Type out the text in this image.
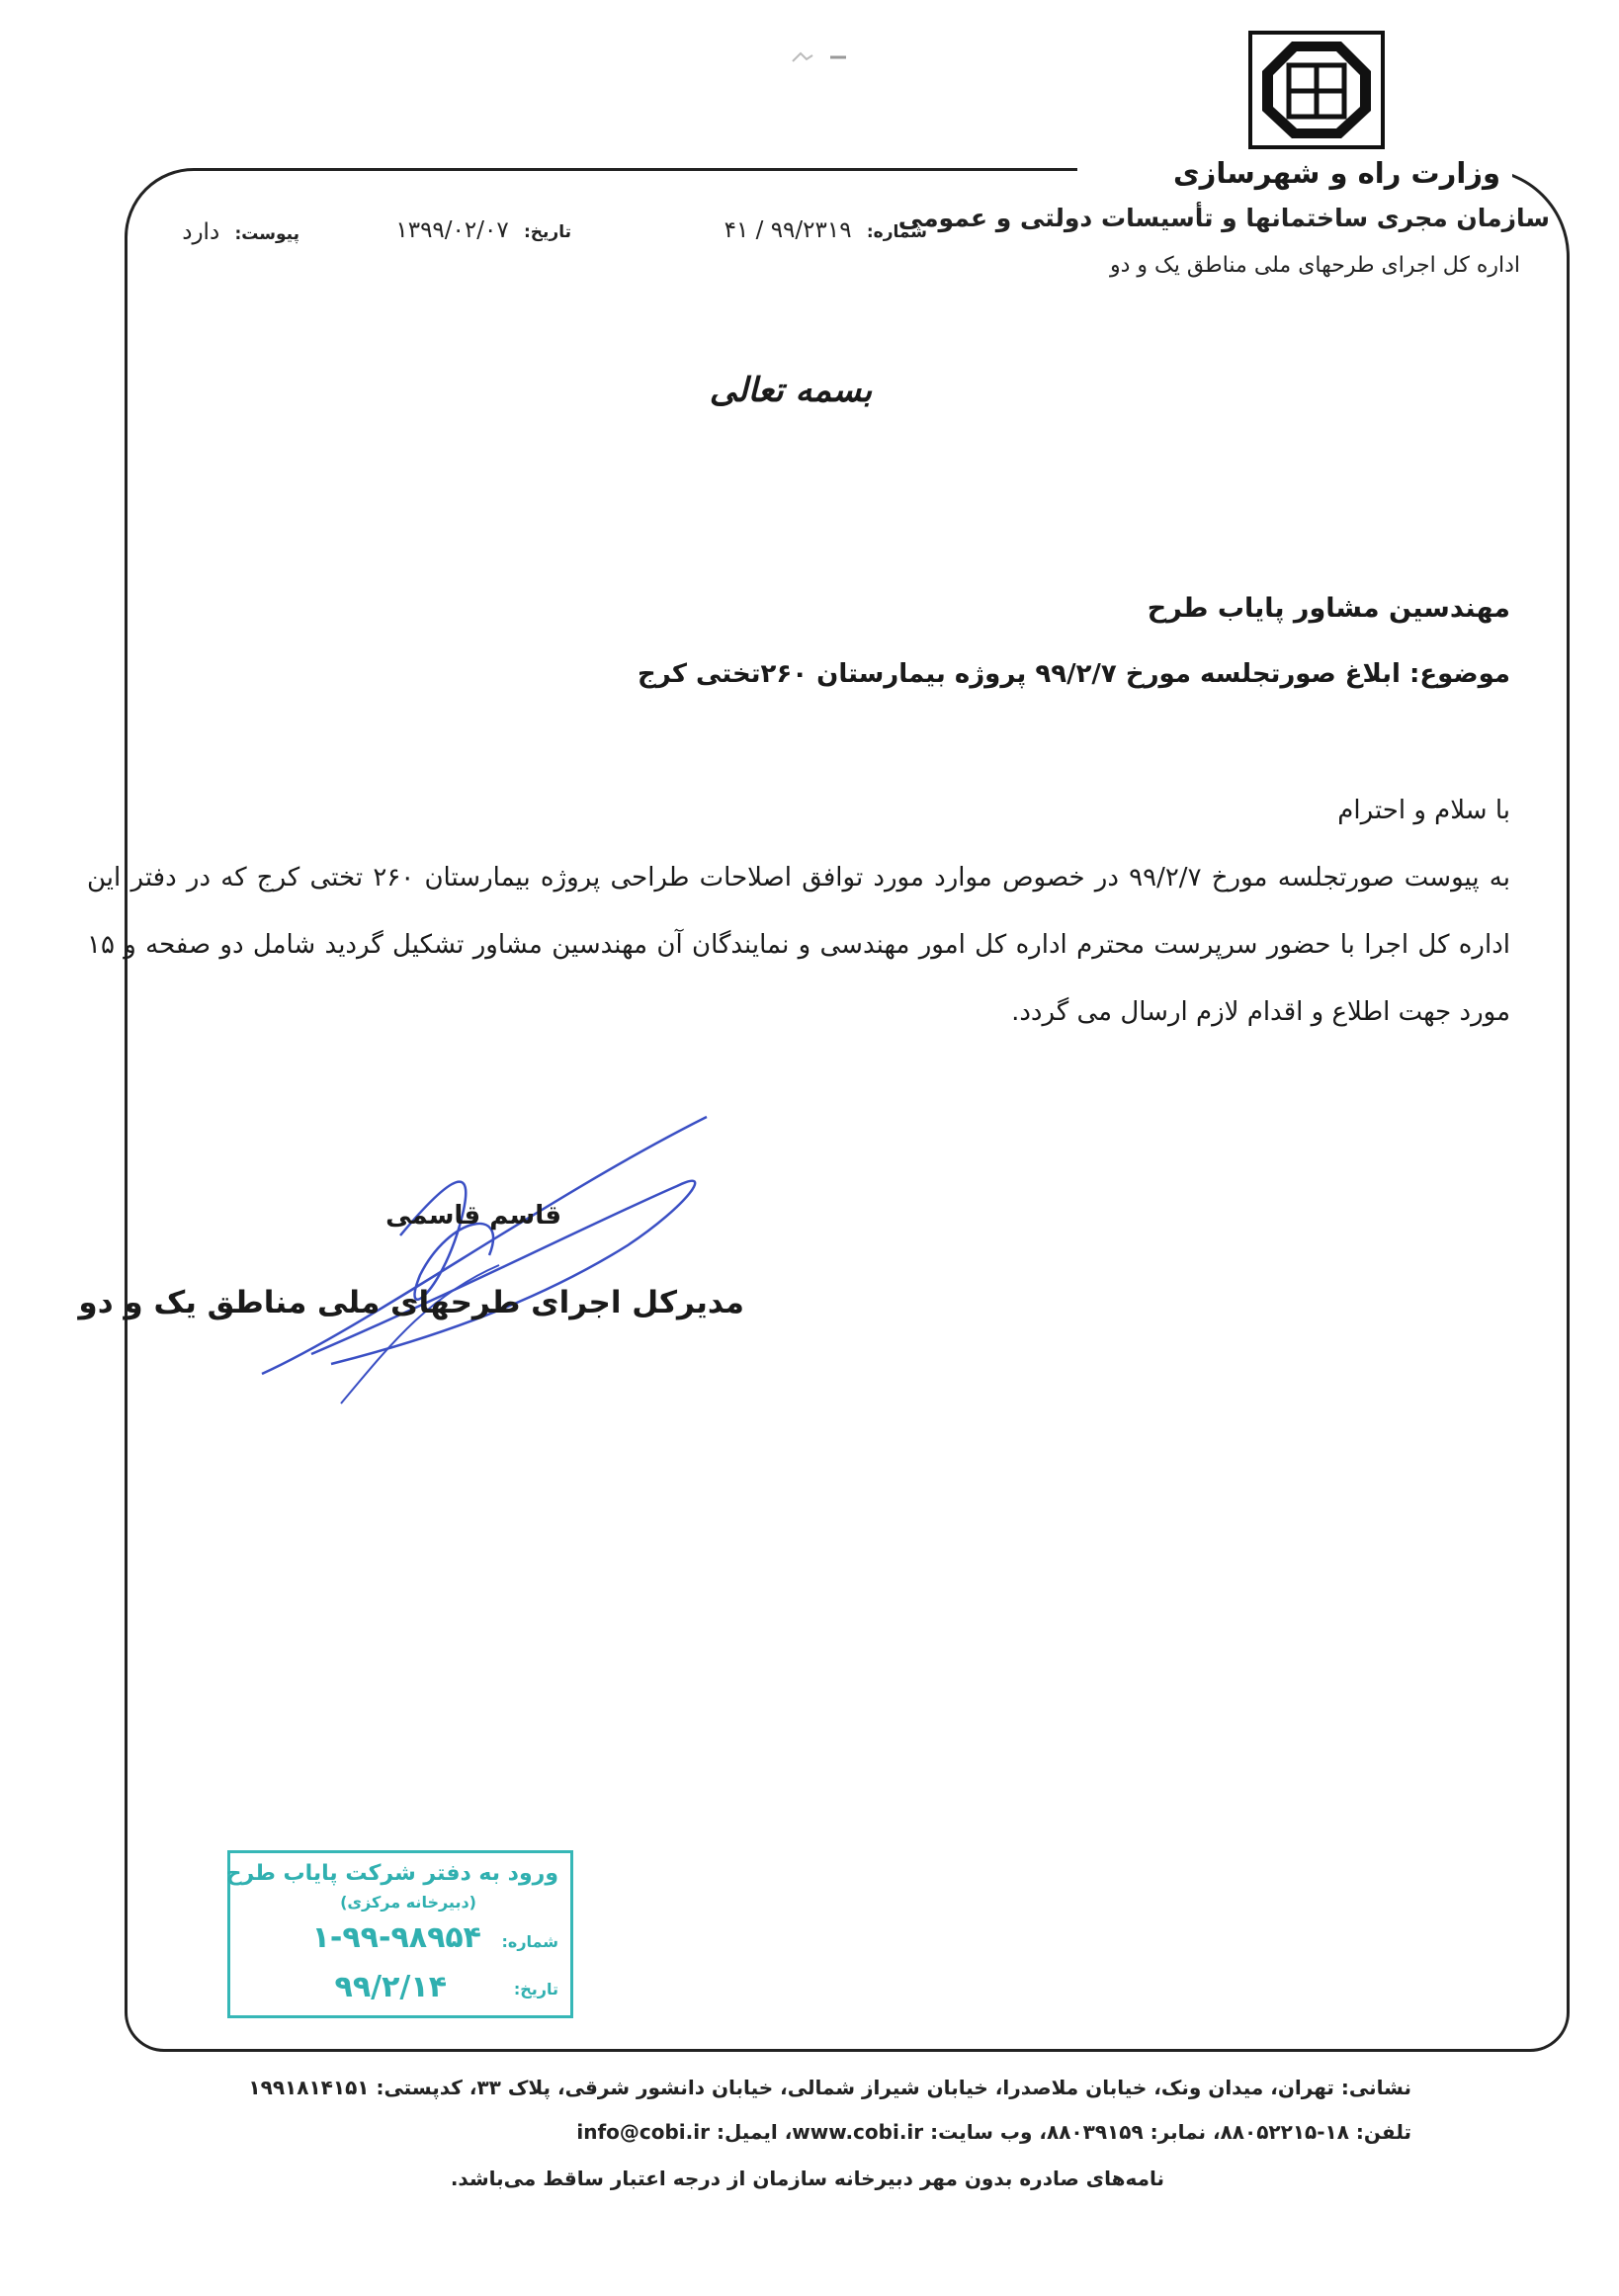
وزارت راه و شهرسازی
سازمان مجری ساختمانها و تأسیسات دولتی و عمومی
اداره کل اجرای طرحهای ملی مناطق یک و دو
شماره: ۹۹/۲۳۱۹ / ۴۱
تاریخ: ۱۳۹۹/۰۲/۰۷
پیوست: دارد
بسمه تعالی
مهندسین مشاور پایاب طرح
موضوع: ابلاغ صورتجلسه مورخ ۹۹/۲/۷ پروژه بیمارستان ۲۶۰تختی کرج

با سلام و احترام

به پیوست صورتجلسه مورخ ۹۹/۲/۷ در خصوص موارد مورد توافق اصلاحات طراحی پروژه بیمارستان ۲۶۰ تختی کرج که در دفتر این اداره کل اجرا با حضور سرپرست محترم اداره کل امور مهندسی و نمایندگان آن مهندسین مشاور تشکیل گردید شامل دو صفحه و ۱۵ مورد جهت اطلاع و اقدام لازم ارسال می گردد.

قاسم قاسمی
مدیرکل اجرای طرحهای ملی مناطق یک و دو
ورود به دفتر شرکت پایاب طرح
(دبیرخانه مرکزی)
شماره:
۱-۹۹-۹۸۹۵۴
تاریخ:
۹۹/۲/۱۴
نشانی: تهران، میدان ونک، خیابان ملاصدرا، خیابان شیراز شمالی، خیابان دانشور شرقی، پلاک ۳۳، کدپستی: ۱۹۹۱۸۱۴۱۵۱
تلفن: ۱۸-۸۸۰۵۲۲۱۵، نمابر: ۸۸۰۳۹۱۵۹، وب سایت: www.cobi.ir، ایمیل: info@cobi.ir
نامه‌های صادره بدون مهر دبیرخانه سازمان از درجه اعتبار ساقط می‌باشد.
